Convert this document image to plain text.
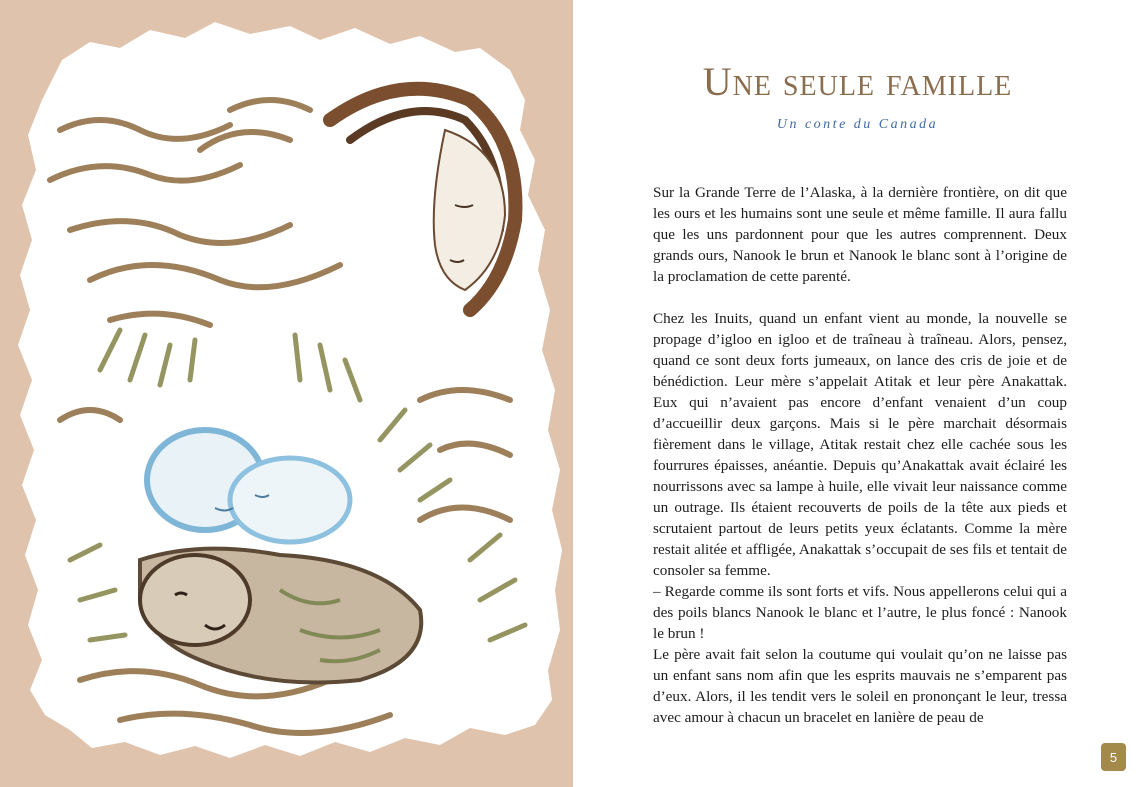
Une seule famille

Un conte du Canada

Sur la Grande Terre de l’Alaska, à la dernière frontière, on dit que les ours et les humains sont une seule et même famille. Il aura fallu que les uns pardonnent pour que les autres comprennent. Deux grands ours, Nanook le brun et Nanook le blanc sont à l’origine de la proclamation de cette parenté.

Chez les Inuits, quand un enfant vient au monde, la nouvelle se propage d’igloo en igloo et de traîneau à traîneau. Alors, pensez, quand ce sont deux forts jumeaux, on lance des cris de joie et de bénédiction. Leur mère s’appelait Atitak et leur père Anakattak. Eux qui n’avaient pas encore d’enfant venaient d’un coup d’accueillir deux garçons. Mais si le père marchait désormais fièrement dans le village, Atitak restait chez elle cachée sous les fourrures épaisses, anéantie. Depuis qu’Anakattak avait éclairé les nourrissons avec sa lampe à huile, elle vivait leur naissance comme un outrage. Ils étaient recouverts de poils de la tête aux pieds et scrutaient partout de leurs petits yeux éclatants. Comme la mère restait alitée et affligée, Anakattak s’occupait de ses fils et tentait de consoler sa femme.

– Regarde comme ils sont forts et vifs. Nous appellerons celui qui a des poils blancs Nanook le blanc et l’autre, le plus foncé : Nanook le brun !

Le père avait fait selon la coutume qui voulait qu’on ne laisse pas un enfant sans nom afin que les esprits mauvais ne s’emparent pas d’eux. Alors, il les tendit vers le soleil en prononçant le leur, tressa avec amour à chacun un bracelet en lanière de peau de

5
